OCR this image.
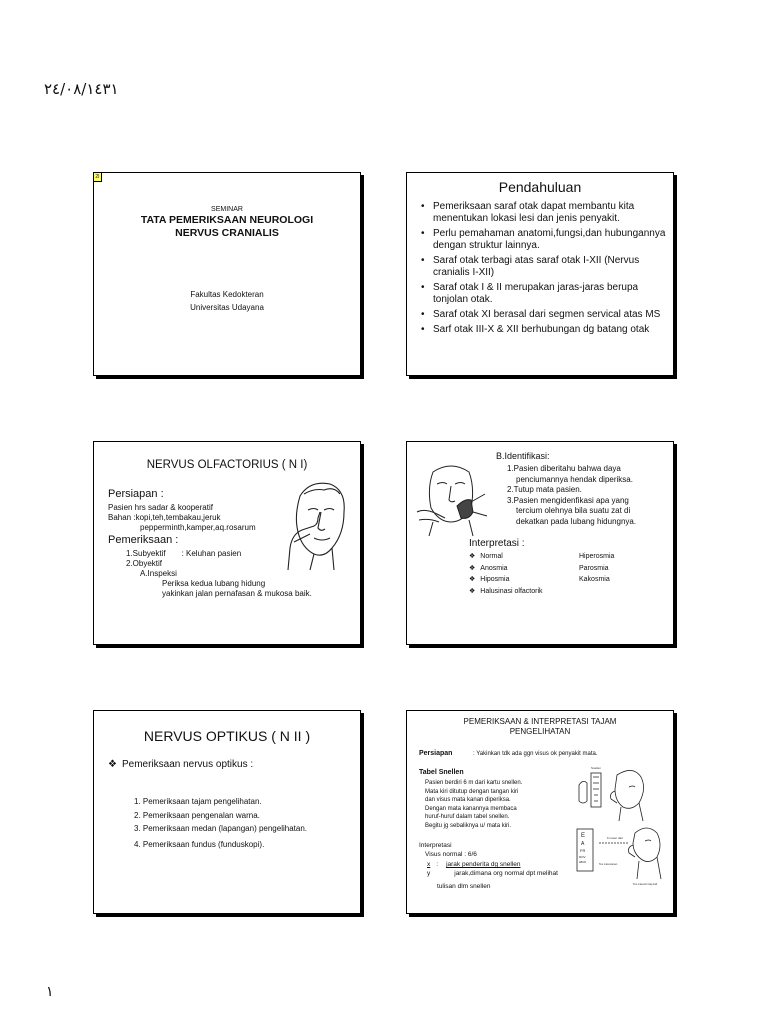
٢٤/٠٨/١٤٣١
2I
SEMINAR
TATA PEMERIKSAAN NEUROLOGI
NERVUS CRANIALIS
Fakultas Kedokteran
Universitas Udayana
Pendahuluan
• Pemeriksaan saraf otak dapat membantu kita menentukan lokasi lesi dan jenis penyakit.
• Perlu pemahaman anatomi,fungsi,dan hubungannya dengan struktur lainnya.
• Saraf otak terbagi atas saraf otak I-XII (Nervus cranialis I-XII)
• Saraf otak I & II merupakan jaras-jaras berupa tonjolan otak.
• Saraf otak XI berasal dari segmen servical atas MS
• Sarf otak III-X & XII berhubungan dg batang otak
NERVUS OLFACTORIUS ( N I)
Persiapan :
Pasien hrs sadar & kooperatif
Bahan :kopi,teh,tembakau,jeruk
pepperminth,kamper,aq.rosarum
Pemeriksaan :
1.Subyektif : Keluhan pasien
2.Obyektif
A.Inspeksi
Periksa kedua lubang hidung
yakinkan jalan pernafasan & mukosa baik.
B.Identifikasi:
1.Pasien diberitahu bahwa daya
penciumannya hendak diperiksa.
2.Tutup mata pasien.
3.Pasien mengidenfikasi apa yang
tercium olehnya bila suatu zat di
dekatkan pada lubang hidungnya.
Interpretasi :
❖ Normal
❖ Anosmia
❖ Hiposmia
❖ Halusinasi olfactorik
Hiperosmia
Parosmia
Kakosmia
NERVUS OPTIKUS ( N II )
❖ Pemeriksaan nervus optikus :
1. Pemeriksaan tajam pengelihatan.
2. Pemeriksaan pengenalan warna.
3. Pemeriksaan medan (lapangan) pengelihatan.
4. Pemeriksaan fundus (funduskopi).
PEMERIKSAAN & INTERPRETASI TAJAM
PENGELIHATAN
Persiapan	: Yakinkan tdk ada ggn visus ok penyakit mata.
Tabel Snellen
Pasien berdiri 6 m dari kartu snellen.
Mata kiri ditutup dengan tangan kiri
dan visus mata kanan diperiksa.
Dengan mata kanannya membaca
huruf-huruf dalam tabel snellen.
Begitu jg sebaliknya u/ mata kiri.
Interpretasi
Visus normal : 6/6
x : jarak penderita dg snellen
y	jarak,dimana org normal dpt melihat
tulisan dlm snellen
E
A
FR
DOV
ABCD
Snellen
6 meter dari
Tes mata kanan
Tes mata kiri tiap kali
١
